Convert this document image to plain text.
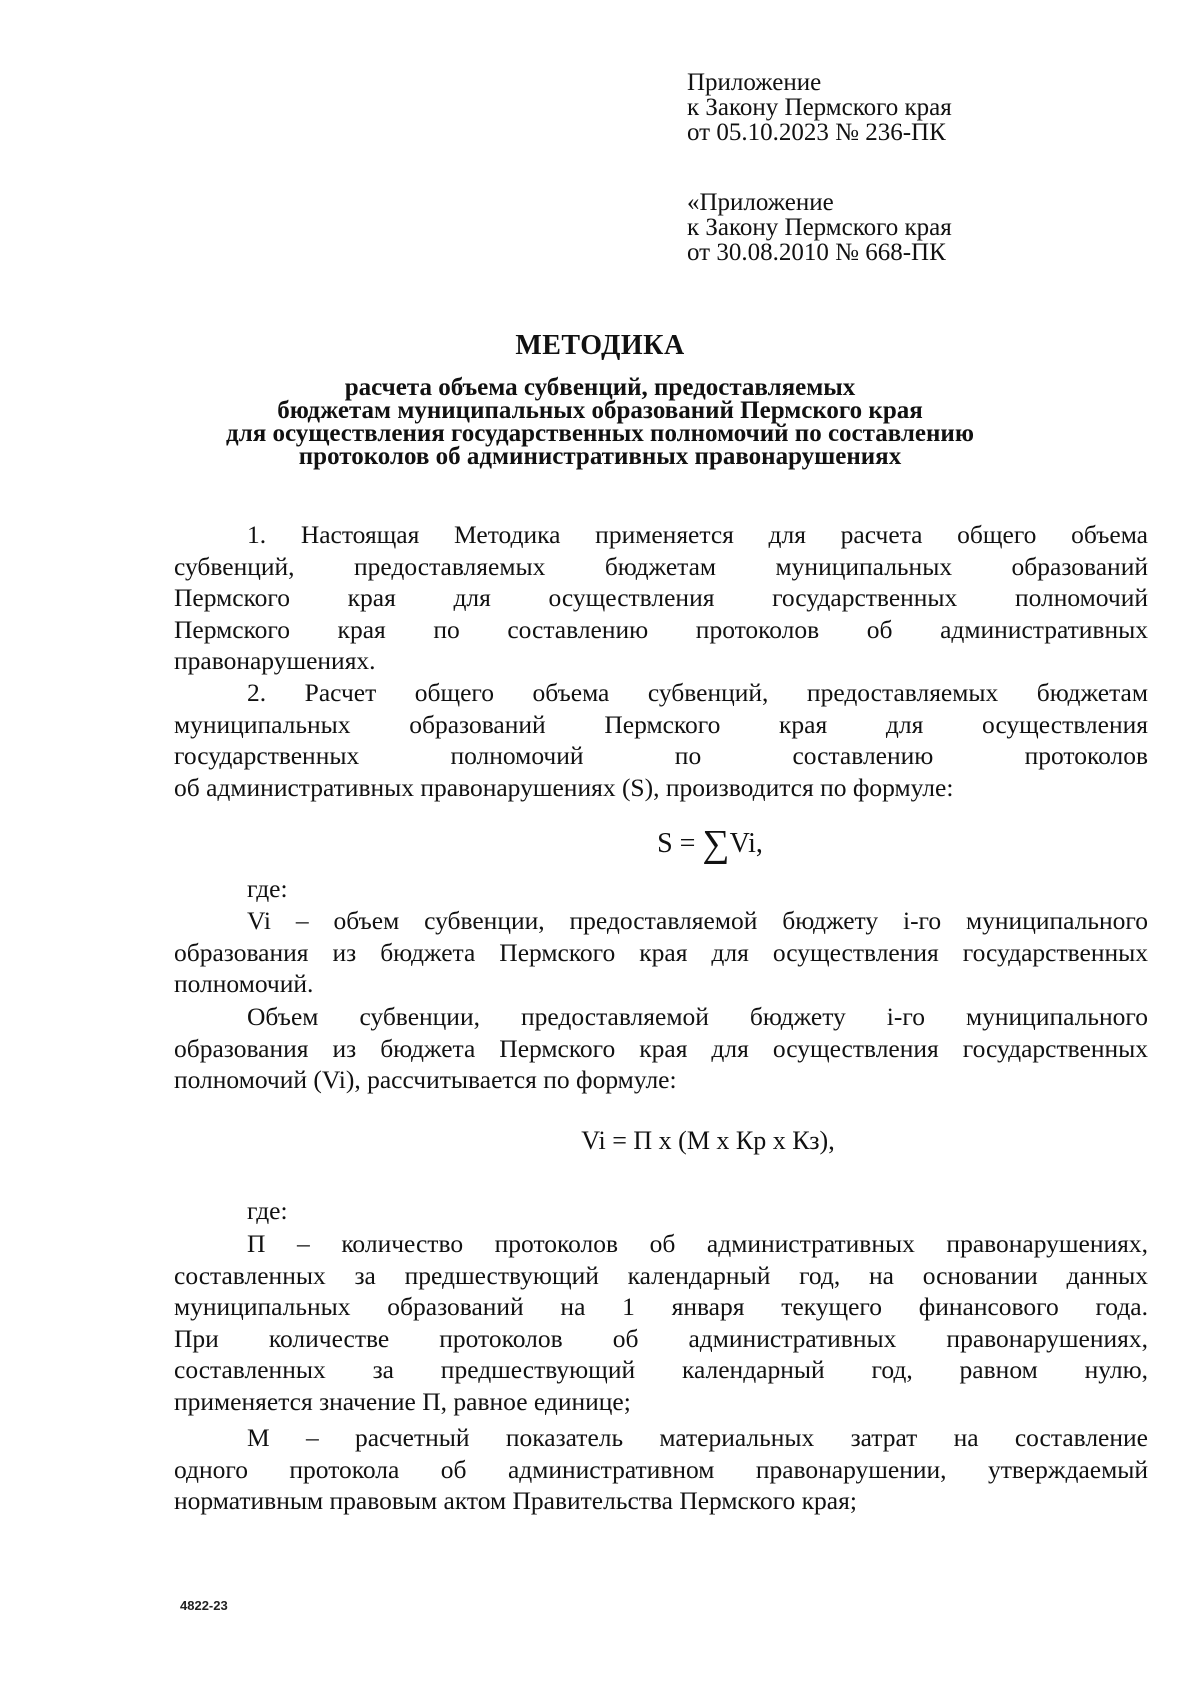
Приложение
к Закону Пермского края
от 05.10.2023 № 236-ПК
«Приложение
к Закону Пермского края
от 30.08.2010 № 668-ПК
МЕТОДИКА
расчета объема субвенций, предоставляемых
бюджетам муниципальных образований Пермского края
для осуществления государственных полномочий по составлению
протоколов об административных правонарушениях
1. Настоящая Методика применяется для расчета общего объема
субвенций, предоставляемых бюджетам муниципальных образований
Пермского края для осуществления государственных полномочий
Пермского края по составлению протоколов об административных
правонарушениях.
2. Расчет общего объема субвенций, предоставляемых бюджетам
муниципальных образований Пермского края для осуществления
государственных полномочий по составлению протоколов
об административных правонарушениях (S), производится по формуле:
S = ∑Vi,
где:
Vi – объем субвенции, предоставляемой бюджету i-го муниципального
образования из бюджета Пермского края для осуществления государственных
полномочий.
Объем субвенции, предоставляемой бюджету i-го муниципального
образования из бюджета Пермского края для осуществления государственных
полномочий (Vi), рассчитывается по формуле:
Vi = П х (М х Кр х Кз),
где:
П – количество протоколов об административных правонарушениях,
составленных за предшествующий календарный год, на основании данных
муниципальных образований на 1 января текущего финансового года.
При количестве протоколов об административных правонарушениях,
составленных за предшествующий календарный год, равном нулю,
применяется значение П, равное единице;
М – расчетный показатель материальных затрат на составление
одного протокола об административном правонарушении, утверждаемый
нормативным правовым актом Правительства Пермского края;
4822-23
